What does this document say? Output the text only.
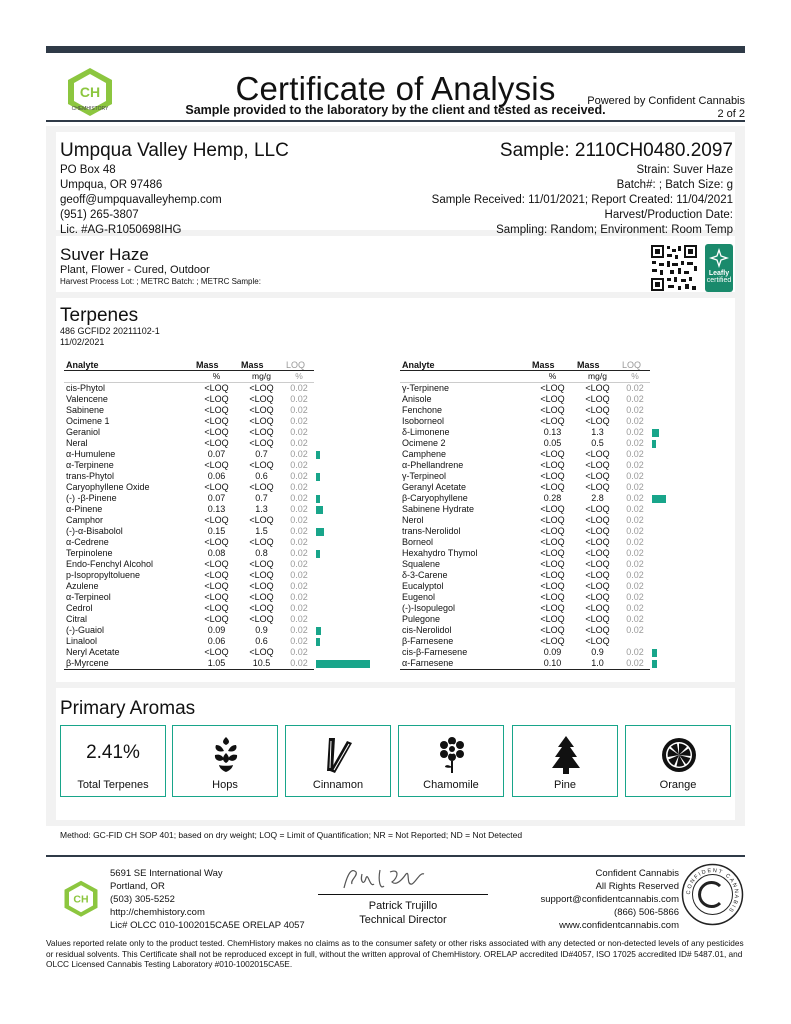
CH
CHEMHISTORY
Certificate of Analysis
Sample provided to the laboratory by the client and tested as received.
Powered by Confident Cannabis
2 of 2
Umpqua Valley Hemp, LLC
PO Box 48
Umpqua, OR 97486
geoff@umpquavalleyhemp.com
(951) 265-3807
Lic. #AG-R1050698IHG
Sample: 2110CH0480.2097
Strain: Suver Haze
Batch#: ; Batch Size: g
Sample Received: 11/01/2021; Report Created: 11/04/2021
Harvest/Production Date:
Sampling: Random; Environment: Room Temp
Suver Haze
Plant, Flower - Cured, Outdoor
Harvest Process Lot: ; METRC Batch: ; METRC Sample:
Leafly
certified
Terpenes
486 GCFID2 20211102-1
11/02/2021
Analyte	Mass	Mass	LOQ	
	%	mg/g	%	
cis-Phytol	<LOQ	<LOQ	0.02	
Valencene	<LOQ	<LOQ	0.02	
Sabinene	<LOQ	<LOQ	0.02	
Ocimene 1	<LOQ	<LOQ	0.02	
Geraniol	<LOQ	<LOQ	0.02	
Neral	<LOQ	<LOQ	0.02	
α-Humulene	0.07	0.7	0.02	
α-Terpinene	<LOQ	<LOQ	0.02	
trans-Phytol	0.06	0.6	0.02	
Caryophyllene Oxide	<LOQ	<LOQ	0.02	
(-) -β-Pinene	0.07	0.7	0.02	
α-Pinene	0.13	1.3	0.02	
Camphor	<LOQ	<LOQ	0.02	
(-)-α-Bisabolol	0.15	1.5	0.02	
α-Cedrene	<LOQ	<LOQ	0.02	
Terpinolene	0.08	0.8	0.02	
Endo-Fenchyl Alcohol	<LOQ	<LOQ	0.02	
p-Isopropyltoluene	<LOQ	<LOQ	0.02	
Azulene	<LOQ	<LOQ	0.02	
α-Terpineol	<LOQ	<LOQ	0.02	
Cedrol	<LOQ	<LOQ	0.02	
Citral	<LOQ	<LOQ	0.02	
(-)-Guaiol	0.09	0.9	0.02	
Linalool	0.06	0.6	0.02	
Neryl Acetate	<LOQ	<LOQ	0.02	
β-Myrcene	1.05	10.5	0.02	
Analyte	Mass	Mass	LOQ	
	%	mg/g	%	
γ-Terpinene	<LOQ	<LOQ	0.02	
Anisole	<LOQ	<LOQ	0.02	
Fenchone	<LOQ	<LOQ	0.02	
Isoborneol	<LOQ	<LOQ	0.02	
δ-Limonene	0.13	1.3	0.02	
Ocimene 2	0.05	0.5	0.02	
Camphene	<LOQ	<LOQ	0.02	
α-Phellandrene	<LOQ	<LOQ	0.02	
γ-Terpineol	<LOQ	<LOQ	0.02	
Geranyl Acetate	<LOQ	<LOQ	0.02	
β-Caryophyllene	0.28	2.8	0.02	
Sabinene Hydrate	<LOQ	<LOQ	0.02	
Nerol	<LOQ	<LOQ	0.02	
trans-Nerolidol	<LOQ	<LOQ	0.02	
Borneol	<LOQ	<LOQ	0.02	
Hexahydro Thymol	<LOQ	<LOQ	0.02	
Squalene	<LOQ	<LOQ	0.02	
δ-3-Carene	<LOQ	<LOQ	0.02	
Eucalyptol	<LOQ	<LOQ	0.02	
Eugenol	<LOQ	<LOQ	0.02	
(-)-Isopulegol	<LOQ	<LOQ	0.02	
Pulegone	<LOQ	<LOQ	0.02	
cis-Nerolidol	<LOQ	<LOQ	0.02	
β-Farnesene	<LOQ	<LOQ		
cis-β-Farnesene	0.09	0.9	0.02	
α-Farnesene	0.10	1.0	0.02	
Primary Aromas
2.41%
Total Terpenes	Hops	Cinnamon	Chamomile	Pine	Orange
Method: GC-FID CH SOP 401; based on dry weight; LOQ = Limit of Quantification; NR = Not Reported; ND = Not Detected
CH
5691 SE International Way
Portland, OR
(503) 305-5252
http://chemhistory.com
Lic# OLCC 010-1002015CA5E ORELAP 4057
Patrick Trujillo
Technical Director
Confident Cannabis
All Rights Reserved
support@confidentcannabis.com
(866) 506-5866
www.confidentcannabis.com
CONFIDENT CANNABIS
Values reported relate only to the product tested. ChemHistory makes no claims as to the consumer safety or other risks associated with any detected or non-detected levels of any pesticides or residual solvents. This Certificate shall not be reproduced except in full, without the written approval of ChemHistory. ORELAP accredited ID#4057, ISO 17025 accredited ID# 5487.01, and OLCC Licensed Cannabis Testing Laboratory #010-1002015CA5E.
